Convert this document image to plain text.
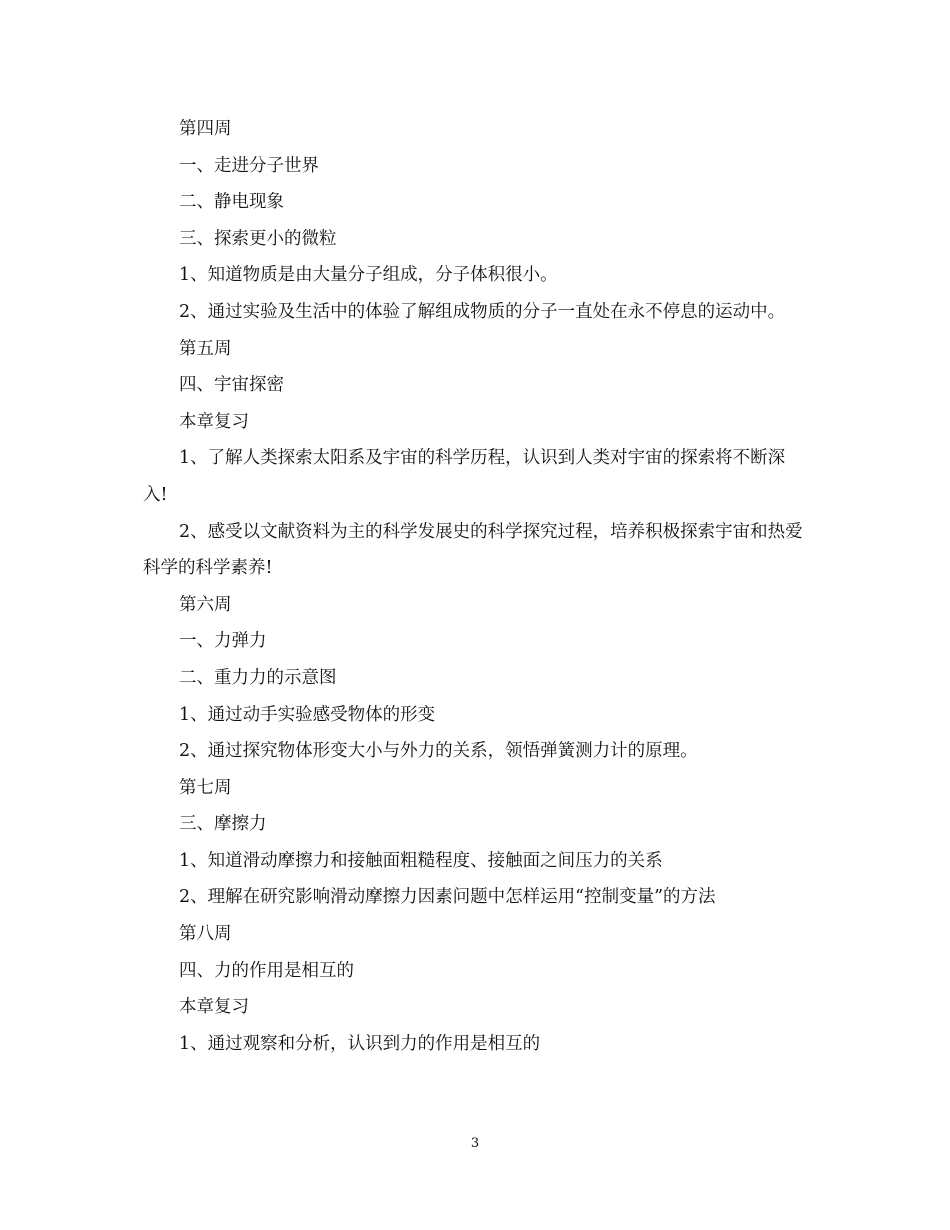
第四周

一、走进分子世界

二、静电现象

三、探索更小的微粒

1、知道物质是由大量分子组成，分子体积很小。

2、通过实验及生活中的体验了解组成物质的分子一直处在永不停息的运动中。

第五周

四、宇宙探密

本章复习

1、了解人类探索太阳系及宇宙的科学历程，认识到人类对宇宙的探索将不断深入!

2、感受以文献资料为主的科学发展史的科学探究过程，培养积极探索宇宙和热爱科学的科学素养!

第六周

一、力弹力

二、重力力的示意图

1、通过动手实验感受物体的形变

2、通过探究物体形变大小与外力的关系，领悟弹簧测力计的原理。

第七周

三、摩擦力

1、知道滑动摩擦力和接触面粗糙程度、接触面之间压力的关系

2、理解在研究影响滑动摩擦力因素问题中怎样运用“控制变量”的方法

第八周

四、力的作用是相互的

本章复习

1、通过观察和分析，认识到力的作用是相互的

3
